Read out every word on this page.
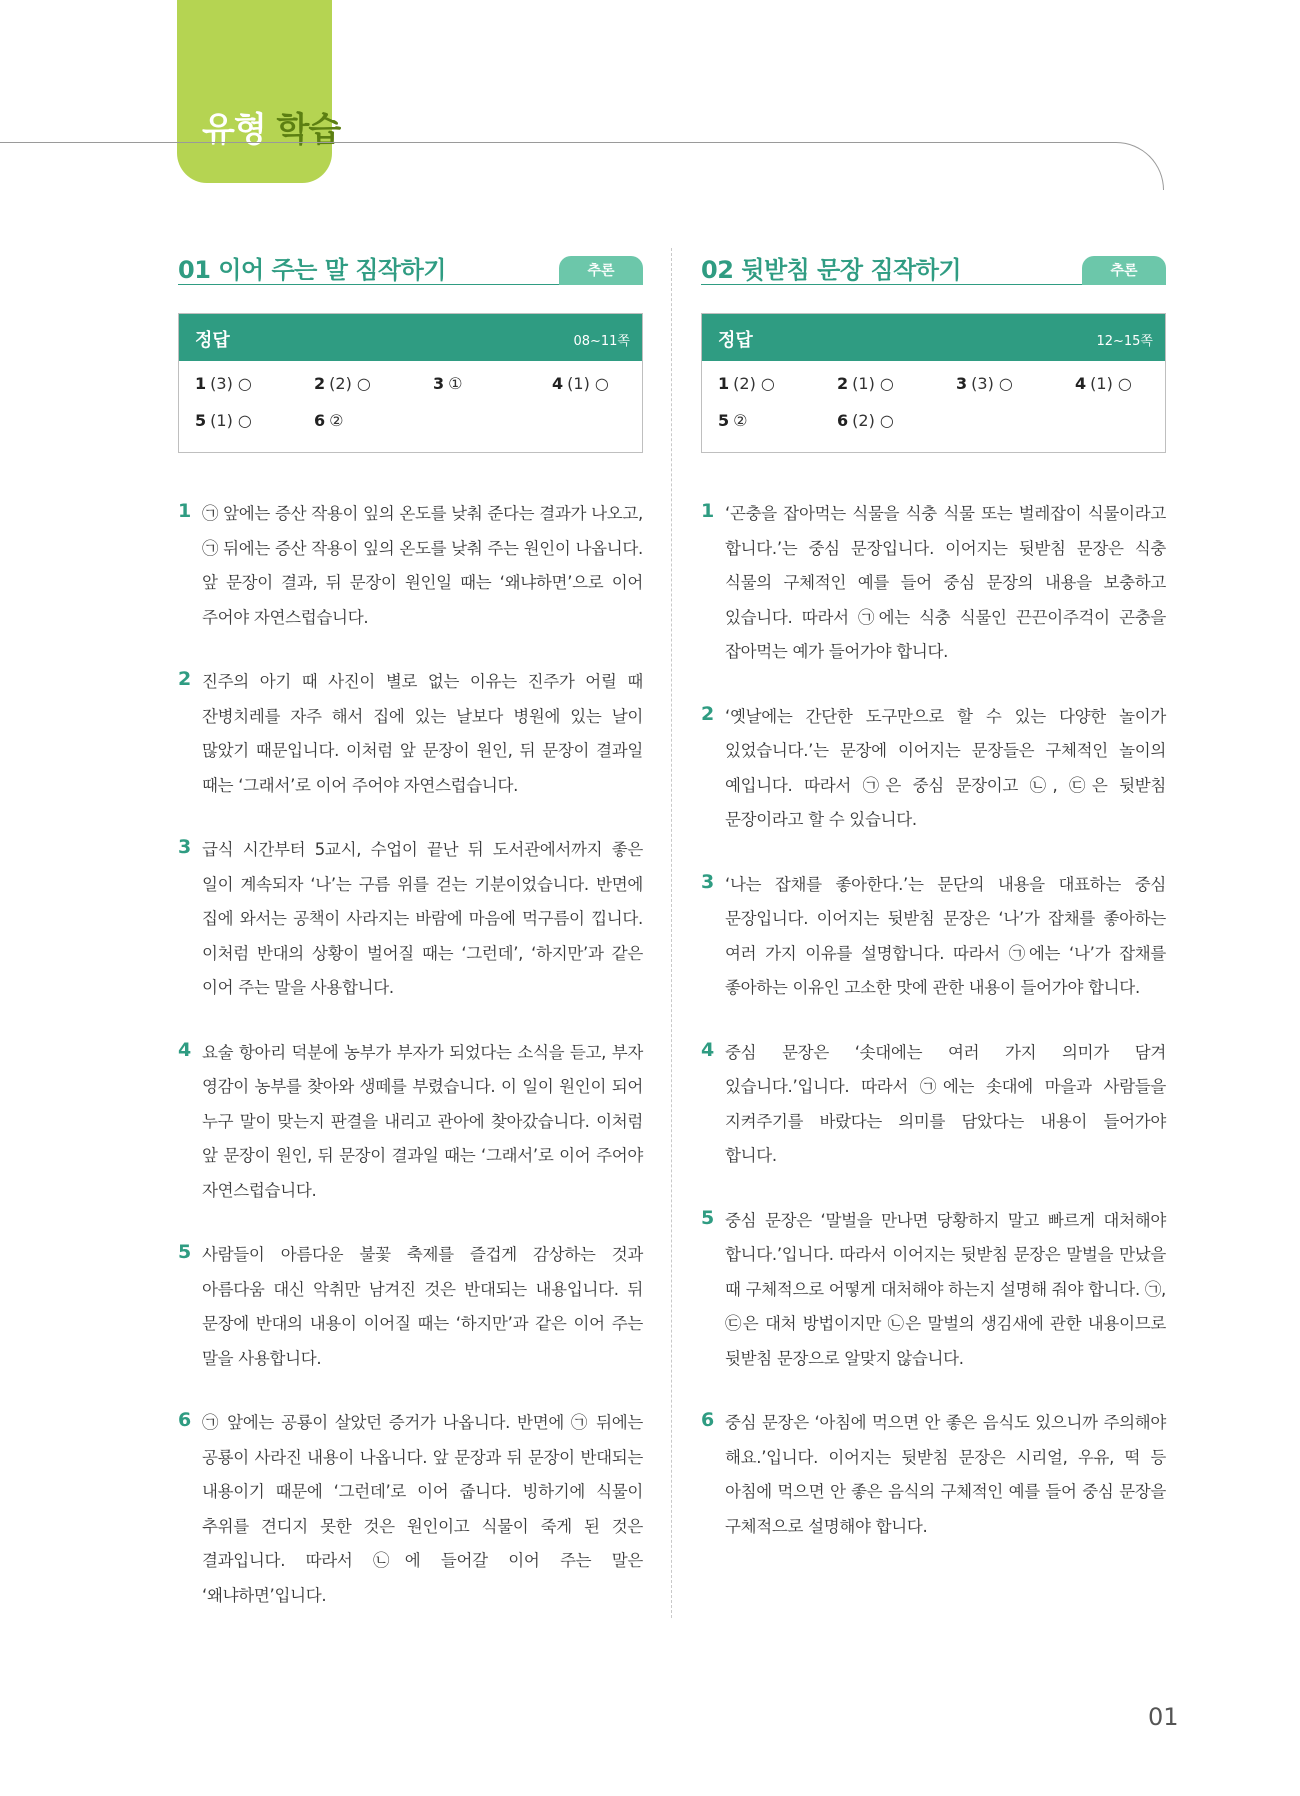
유형 학습
01 이어 주는 말 짐작하기	추론
정답	08~11쪽
1 (3) ○	2 (2) ○	3 ①	4 (1) ○
5 (1) ○	6 ②
1 ㉠ 앞에는 증산 작용이 잎의 온도를 낮춰 준다는 결과가 나오고, ㉠ 뒤에는 증산 작용이 잎의 온도를 낮춰 주는 원인이 나옵니다. 앞 문장이 결과, 뒤 문장이 원인일 때는 ‘왜냐하면’으로 이어 주어야 자연스럽습니다.
2 진주의 아기 때 사진이 별로 없는 이유는 진주가 어릴 때 잔병치레를 자주 해서 집에 있는 날보다 병원에 있는 날이 많았기 때문입니다. 이처럼 앞 문장이 원인, 뒤 문장이 결과일 때는 ‘그래서’로 이어 주어야 자연스럽습니다.
3 급식 시간부터 5교시, 수업이 끝난 뒤 도서관에서까지 좋은 일이 계속되자 ‘나’는 구름 위를 걷는 기분이었습니다. 반면에 집에 와서는 공책이 사라지는 바람에 마음에 먹구름이 낍니다. 이처럼 반대의 상황이 벌어질 때는 ‘그런데’, ‘하지만’과 같은 이어 주는 말을 사용합니다.
4 요술 항아리 덕분에 농부가 부자가 되었다는 소식을 듣고, 부자 영감이 농부를 찾아와 생떼를 부렸습니다. 이 일이 원인이 되어 누구 말이 맞는지 판결을 내리고 관아에 찾아갔습니다. 이처럼 앞 문장이 원인, 뒤 문장이 결과일 때는 ‘그래서’로 이어 주어야 자연스럽습니다.
5 사람들이 아름다운 불꽃 축제를 즐겁게 감상하는 것과 아름다움 대신 악취만 남겨진 것은 반대되는 내용입니다. 뒤 문장에 반대의 내용이 이어질 때는 ‘하지만’과 같은 이어 주는 말을 사용합니다.
6 ㉠ 앞에는 공룡이 살았던 증거가 나옵니다. 반면에 ㉠ 뒤에는 공룡이 사라진 내용이 나옵니다. 앞 문장과 뒤 문장이 반대되는 내용이기 때문에 ‘그런데’로 이어 줍니다. 빙하기에 식물이 추위를 견디지 못한 것은 원인이고 식물이 죽게 된 것은 결과입니다. 따라서 ㉡에 들어갈 이어 주는 말은 ‘왜냐하면’입니다.
02 뒷받침 문장 짐작하기	추론
정답	12~15쪽
1 (2) ○	2 (1) ○	3 (3) ○	4 (1) ○
5 ②	6 (2) ○
1 ‘곤충을 잡아먹는 식물을 식충 식물 또는 벌레잡이 식물이라고 합니다.’는 중심 문장입니다. 이어지는 뒷받침 문장은 식충 식물의 구체적인 예를 들어 중심 문장의 내용을 보충하고 있습니다. 따라서 ㉠에는 식충 식물인 끈끈이주걱이 곤충을 잡아먹는 예가 들어가야 합니다.
2 ‘옛날에는 간단한 도구만으로 할 수 있는 다양한 놀이가 있었습니다.’는 문장에 이어지는 문장들은 구체적인 놀이의 예입니다. 따라서 ㉠은 중심 문장이고 ㉡, ㉢은 뒷받침 문장이라고 할 수 있습니다.
3 ‘나는 잡채를 좋아한다.’는 문단의 내용을 대표하는 중심 문장입니다. 이어지는 뒷받침 문장은 ‘나’가 잡채를 좋아하는 여러 가지 이유를 설명합니다. 따라서 ㉠에는 ‘나’가 잡채를 좋아하는 이유인 고소한 맛에 관한 내용이 들어가야 합니다.
4 중심 문장은 ‘솟대에는 여러 가지 의미가 담겨 있습니다.’입니다. 따라서 ㉠에는 솟대에 마을과 사람들을 지켜주기를 바랐다는 의미를 담았다는 내용이 들어가야 합니다.
5 중심 문장은 ‘말벌을 만나면 당황하지 말고 빠르게 대처해야 합니다.’입니다. 따라서 이어지는 뒷받침 문장은 말벌을 만났을 때 구체적으로 어떻게 대처해야 하는지 설명해 줘야 합니다. ㉠, ㉢은 대처 방법이지만 ㉡은 말벌의 생김새에 관한 내용이므로 뒷받침 문장으로 알맞지 않습니다.
6 중심 문장은 ‘아침에 먹으면 안 좋은 음식도 있으니까 주의해야 해요.’입니다. 이어지는 뒷받침 문장은 시리얼, 우유, 떡 등 아침에 먹으면 안 좋은 음식의 구체적인 예를 들어 중심 문장을 구체적으로 설명해야 합니다.
01
